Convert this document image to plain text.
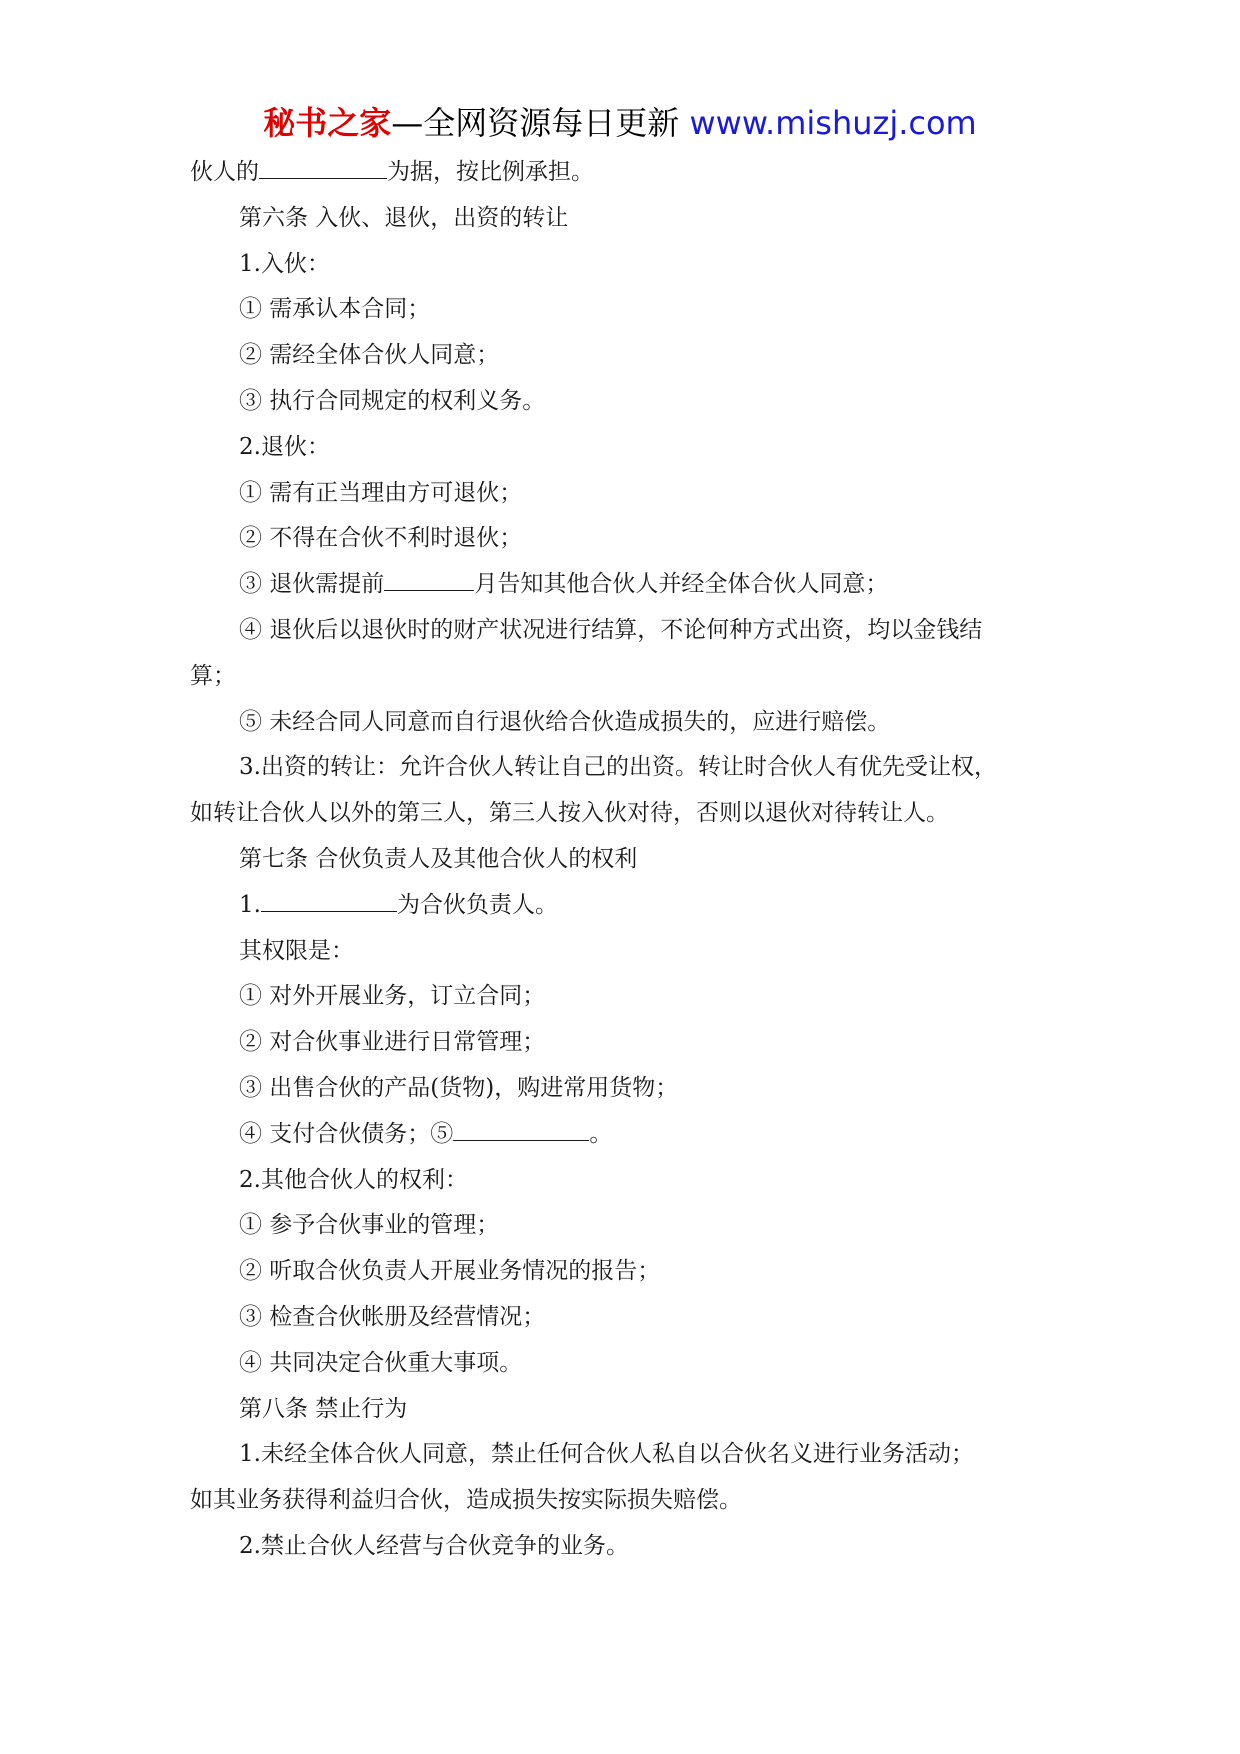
秘书之家—全网资源每日更新 www.mishuzj.com
伙人的	为据，按比例承担。
第六条 入伙、退伙，出资的转让
1.入伙：
① 需承认本合同；
② 需经全体合伙人同意；
③ 执行合同规定的权利义务。
2.退伙：
① 需有正当理由方可退伙；
② 不得在合伙不利时退伙；
③ 退伙需提前	月告知其他合伙人并经全体合伙人同意；
④ 退伙后以退伙时的财产状况进行结算，不论何种方式出资，均以金钱结
算；
⑤ 未经合同人同意而自行退伙给合伙造成损失的，应进行赔偿。
3.出资的转让：允许合伙人转让自己的出资。转让时合伙人有优先受让权，
如转让合伙人以外的第三人，第三人按入伙对待，否则以退伙对待转让人。
第七条 合伙负责人及其他合伙人的权利
1.	为合伙负责人。
其权限是：
① 对外开展业务，订立合同；
② 对合伙事业进行日常管理；
③ 出售合伙的产品(货物)，购进常用货物；
④ 支付合伙债务；⑤	。
2.其他合伙人的权利：
① 参予合伙事业的管理；
② 听取合伙负责人开展业务情况的报告；
③ 检查合伙帐册及经营情况；
④ 共同决定合伙重大事项。
第八条 禁止行为
1.未经全体合伙人同意，禁止任何合伙人私自以合伙名义进行业务活动；
如其业务获得利益归合伙，造成损失按实际损失赔偿。
2.禁止合伙人经营与合伙竞争的业务。
